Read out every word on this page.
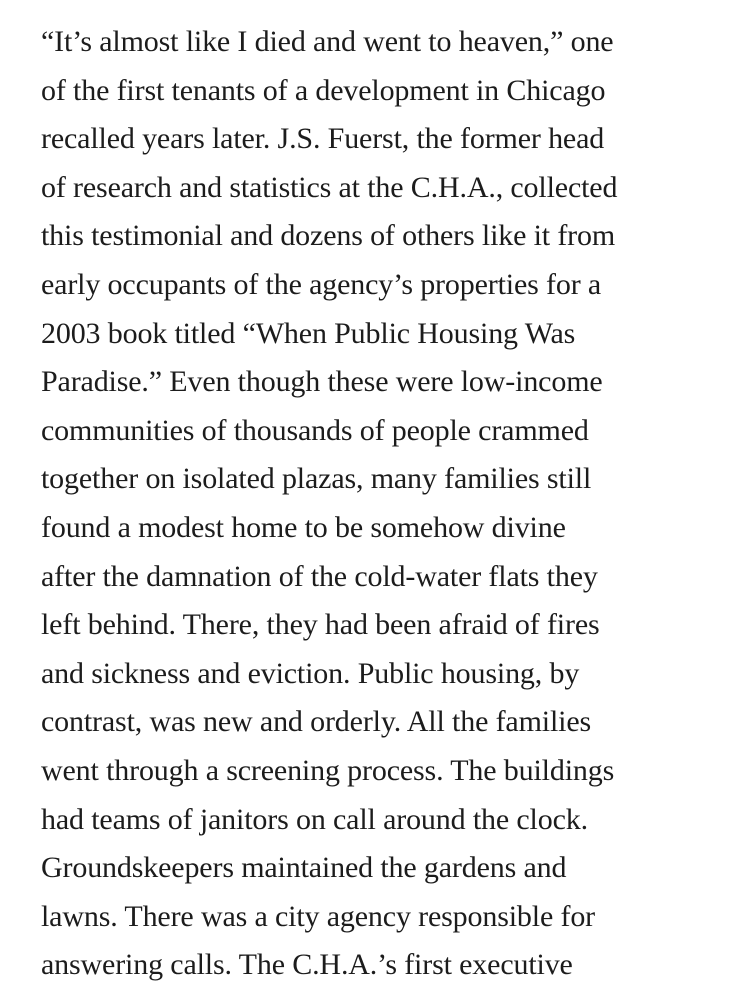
“It’s almost like I died and went to heaven,” one
of the first tenants of a development in Chicago
recalled years later. J.S. Fuerst, the former head
of research and statistics at the C.H.A., collected
this testimonial and dozens of others like it from
early occupants of the agency’s properties for a
2003 book titled “When Public Housing Was
Paradise.” Even though these were low-income
communities of thousands of people crammed
together on isolated plazas, many families still
found a modest home to be somehow divine
after the damnation of the cold-water flats they
left behind. There, they had been afraid of fires
and sickness and eviction. Public housing, by
contrast, was new and orderly. All the families
went through a screening process. The buildings
had teams of janitors on call around the clock.
Groundskeepers maintained the gardens and
lawns. There was a city agency responsible for
answering calls. The C.H.A.’s first executive
